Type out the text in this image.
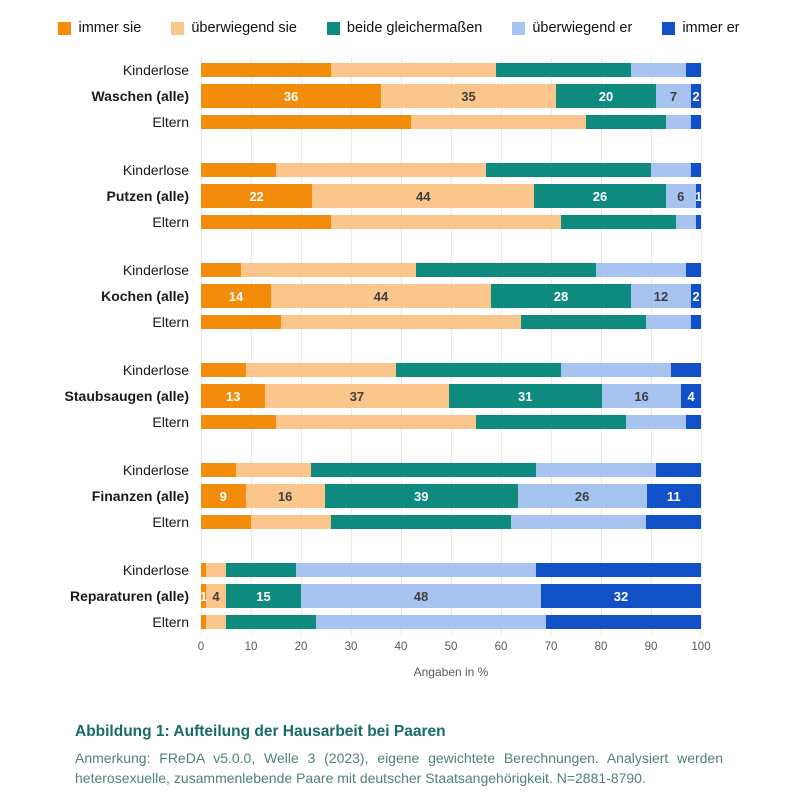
immer sie	überwiegend sie	beide gleichermaßen	überwiegend er	immer er
Kinderlose
Waschen (alle)	36	35	20	7 2
Eltern
Kinderlose
Putzen (alle)	22	44	26	6 1
Eltern
Kinderlose
Kochen (alle)	14	44	28	12 2
Eltern
Kinderlose
Staubsaugen (alle)	13	37	31	16	4
Eltern
Kinderlose
Finanzen (alle)	9	16	39	26	11
Eltern
Kinderlose
Reparaturen (alle) 1 4	15	48	32
Eltern
0	10	20	30	40	50	60	70	80	90	100
Angaben in %
Abbildung 1: Aufteilung der Hausarbeit bei Paaren
Anmerkung: FReDA v5.0.0, Welle 3 (2023), eigene gewichtete Berechnungen. Analysiert werden heterosexuelle, zusammenlebende Paare mit deutscher Staatsangehörigkeit. N=2881-8790.
